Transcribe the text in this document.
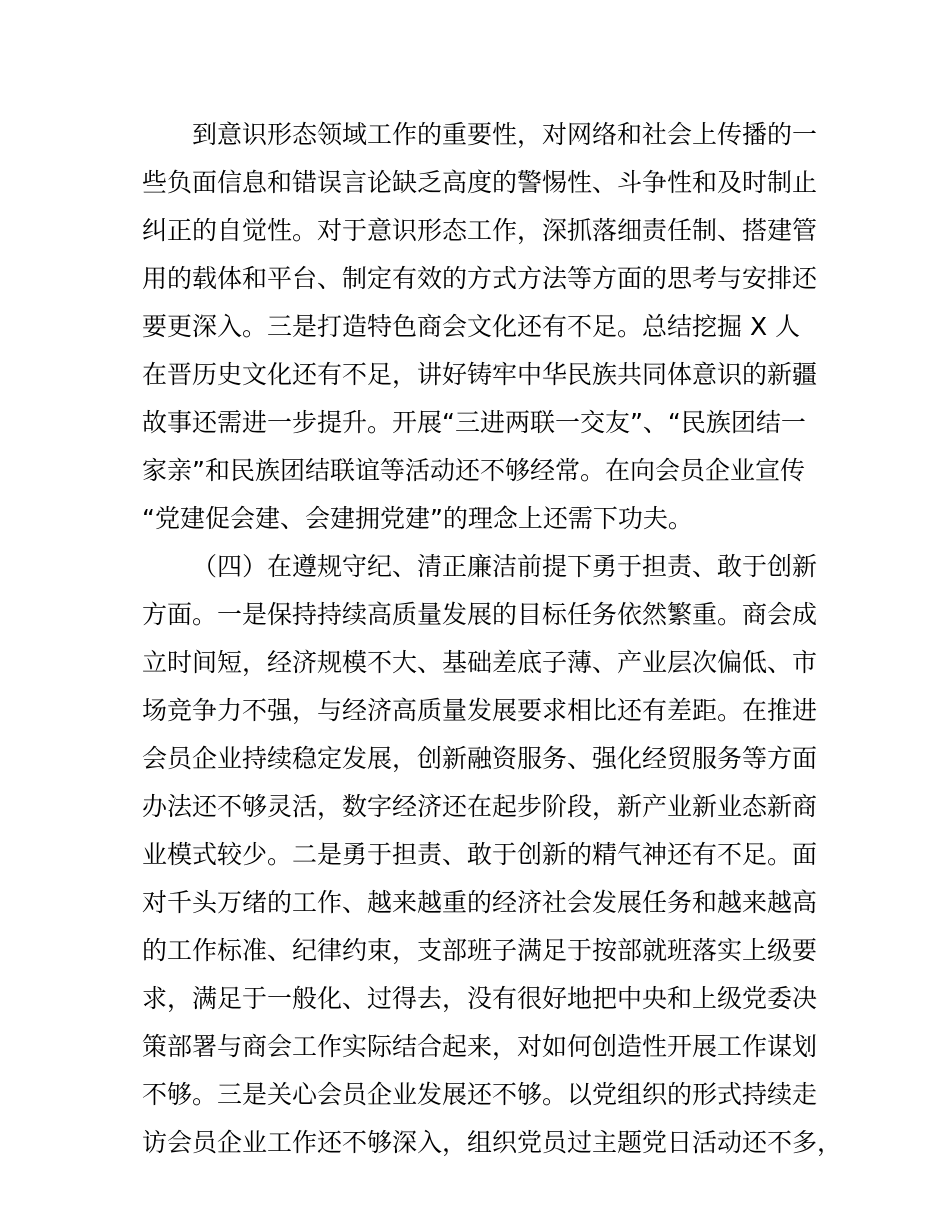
到意识形态领域工作的重要性，对网络和社会上传播的一
些负面信息和错误言论缺乏高度的警惕性、斗争性和及时制止
纠正的自觉性。对于意识形态工作，深抓落细责任制、搭建管
用的载体和平台、制定有效的方式方法等方面的思考与安排还
要更深入。三是打造特色商会文化还有不足。总结挖掘 X 人
在晋历史文化还有不足，讲好铸牢中华民族共同体意识的新疆
故事还需进一步提升。开展“三进两联一交友”、“民族团结一
家亲”和民族团结联谊等活动还不够经常。在向会员企业宣传
“党建促会建、会建拥党建”的理念上还需下功夫。
（四）在遵规守纪、清正廉洁前提下勇于担责、敢于创新
方面。一是保持持续高质量发展的目标任务依然繁重。商会成
立时间短，经济规模不大、基础差底子薄、产业层次偏低、市
场竞争力不强，与经济高质量发展要求相比还有差距。在推进
会员企业持续稳定发展，创新融资服务、强化经贸服务等方面
办法还不够灵活，数字经济还在起步阶段，新产业新业态新商
业模式较少。二是勇于担责、敢于创新的精气神还有不足。面
对千头万绪的工作、越来越重的经济社会发展任务和越来越高
的工作标准、纪律约束，支部班子满足于按部就班落实上级要
求，满足于一般化、过得去，没有很好地把中央和上级党委决
策部署与商会工作实际结合起来，对如何创造性开展工作谋划
不够。三是关心会员企业发展还不够。以党组织的形式持续走
访会员企业工作还不够深入，组织党员过主题党日活动还不多，
